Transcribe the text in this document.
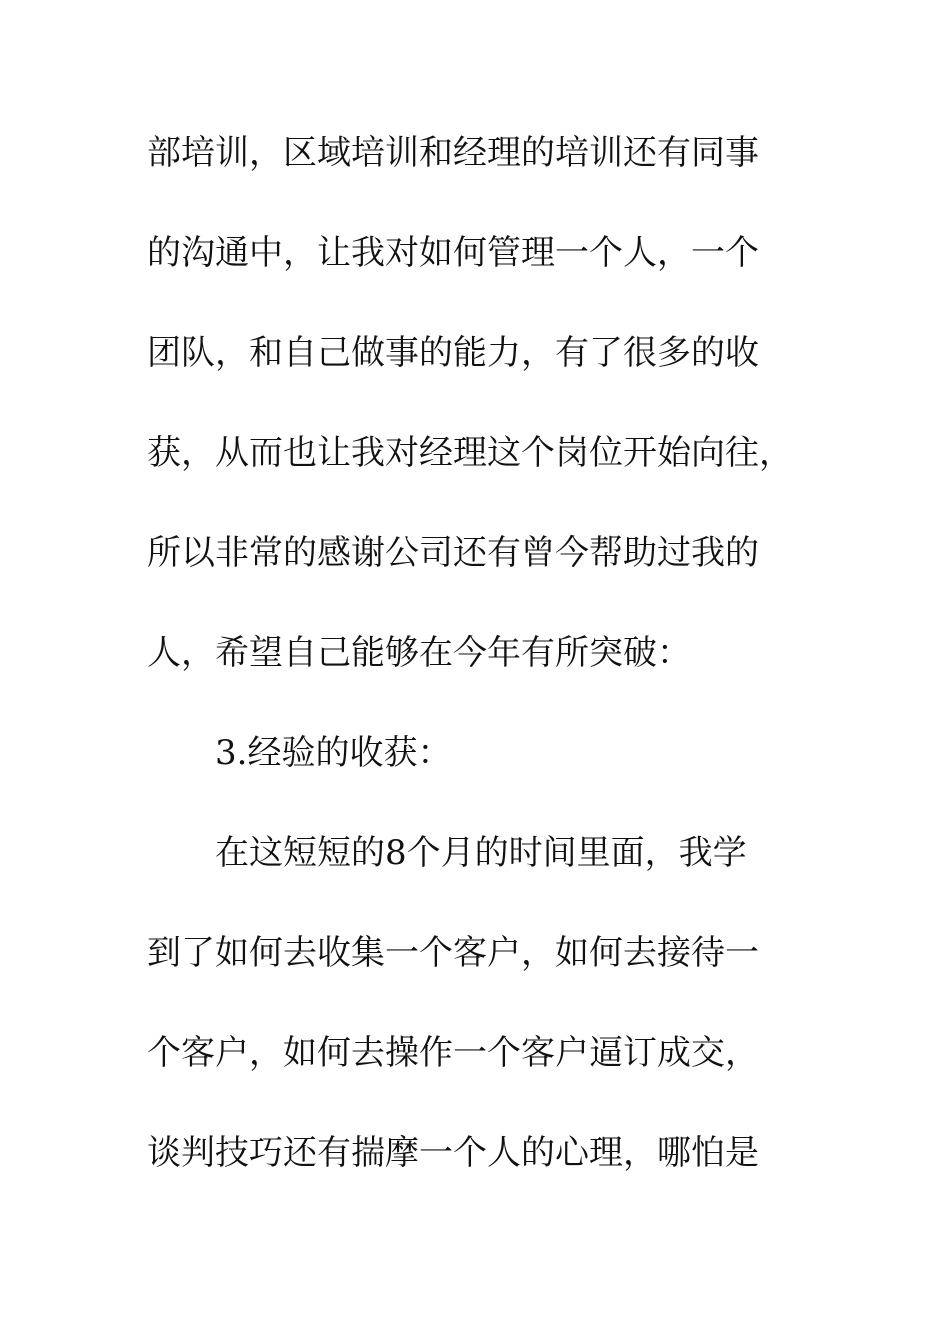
部培训，区域培训和经理的培训还有同事
的沟通中，让我对如何管理一个人，一个
团队，和自己做事的能力，有了很多的收
获，从而也让我对经理这个岗位开始向往，
所以非常的感谢公司还有曾今帮助过我的
人，希望自己能够在今年有所突破：
3.经验的收获：
在这短短的8个月的时间里面，我学
到了如何去收集一个客户，如何去接待一
个客户，如何去操作一个客户逼订成交，
谈判技巧还有揣摩一个人的心理，哪怕是
